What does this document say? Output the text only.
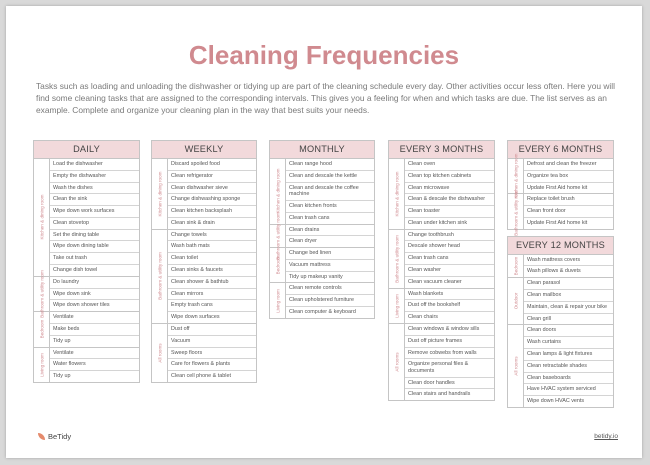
Cleaning Frequencies

Tasks such as loading and unloading the dishwasher or tidying up are part of the cleaning schedule every day. Other activities occur less often. Here you will find some cleaning tasks that are assigned to the corresponding intervals. This gives you a feeling for when and which tasks are due. The list serves as an example. Complete and organize your cleaning plan in the way that best suits your needs.

DAILY
Kitchen & dining room
Load the dishwasher
Empty the dishwasher
Wash the dishes
Clean the sink
Wipe down work surfaces
Clean stovetop
Set the dining table
Wipe down dining table
Take out trash
Change dish towel
Bathroom & utility room	Do laundry
Wipe down sink
Wipe down shower tiles
Bedroom
Ventilate
Make beds
Tidy up
Living room
Ventilate
Water flowers
Tidy up
WEEKLY
Kitchen & dining room
Discard spoiled food
Clean refrigerator
Clean dishwasher sieve
Change dishwashing sponge
Clean kitchen backsplash
Clean sink & drain
Bathroom & utility room
Change towels
Wash bath mats
Clean toilet
Clean sinks & faucets
Clean shower & bathtub
Clean mirrors
Empty trash cans
Wipe down surfaces
All rooms
Dust off
Vacuum
Sweep floors
Care for flowers & plants
Clean cell phone & tablet
MONTHLY
Kitchen & dining room
Clean range hood
Clean and descale the kettle
Clean and descale the coffee machine
Clean kitchen fronts
Clean trash cans
Bathroom & utility room	Clean drains
Clean dryer
Bedroom
Change bed linen
Vacuum mattress
Tidy up makeup vanity
Living room
Clean remote controls
Clean upholstered furniture
Clean computer & keyboard
EVERY 3 MONTHS
Kitchen & dining room
Clean oven
Clean top kitchen cabinets
Clean microwave
Clean & descale the dishwasher
Clean toaster
Clean under kitchen sink
Bathroom & utility room
Change toothbrush
Descale shower head
Clean trash cans
Clean washer
Clean vacuum cleaner
Living room
Wash blankets
Dust off the bookshelf
Clean chairs
All rooms
Clean windows & window sills
Dust off picture frames
Remove cobwebs from walls
Organize personal files & documents
Clean door handles
Clean stairs and handrails
EVERY 6 MONTHS
Kitchen & dining room	Defrost and clean the freezer
Organize tea box
Update First Aid home kit
Bathroom & utility room	Replace toilet brush
Clean front door
Update First Aid home kit
EVERY 12 MONTHS
Bedroom	Wash mattress covers
Wash pillows & duvets
Outdoor
Clean parasol
Clean mailbox
Maintain, clean & repair your bike
Clean grill
All rooms
Clean doors
Wash curtains
Clean lamps & light fixtures
Clean retractable shades
Clean baseboards
Have HVAC system serviced
Wipe down HVAC vents
BeTidy	betidy.io
